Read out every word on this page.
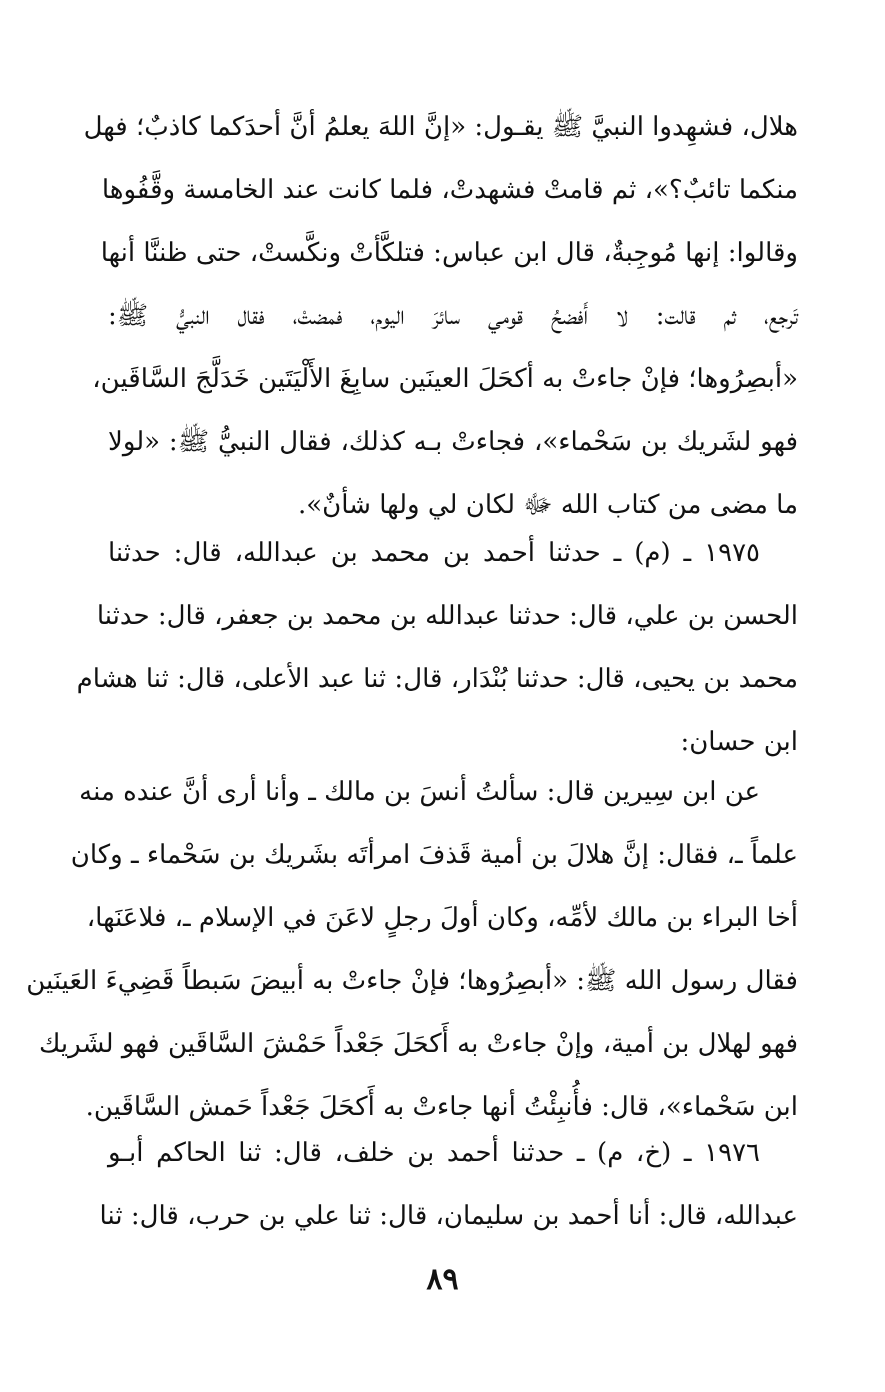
هلال، فشهِدوا النبيَّ ﷺ يقـول: «إنَّ اللهَ يعلمُ أنَّ أحدَكما كاذبٌ؛ فهل
منكما تائبٌ؟»، ثم قامتْ فشهدتْ، فلما كانت عند الخامسة وقَّفُوها
وقالوا: إنها مُوجِبةٌ، قال ابن عباس: فتلكَّأتْ ونكَّستْ، حتى ظننَّا أنها
تَرجع، ثم قالت: لا أَفضحُ قومي سائرَ اليوم، فمضتْ، فقال النبيُّ ﷺ:
«أبصِرُوها؛ فإنْ جاءتْ به أكحَلَ العينَين سابِغَ الأَلْيَتَين خَدَلَّجَ السَّاقَين،
فهو لشَريك بن سَحْماء»، فجاءتْ بـه كذلك، فقال النبيُّ ﷺ: «لولا
ما مضى من كتاب الله ﷻ لكان لي ولها شأنٌ».
١٩٧٥ ـ (م) ـ حدثنا أحمد بن محمد بن عبدالله، قال: حدثنا
الحسن بن علي، قال: حدثنا عبدالله بن محمد بن جعفر، قال: حدثنا
محمد بن يحيى، قال: حدثنا بُنْدَار، قال: ثنا عبد الأعلى، قال: ثنا هشام
ابن حسان:
عن ابن سِيرين قال: سألتُ أنسَ بن مالك ـ وأنا أرى أنَّ عنده منه
علماً ـ، فقال: إنَّ هلالَ بن أمية قَذفَ امرأتَه بشَريك بن سَحْماء ـ وكان
أخا البراء بن مالك لأمِّه، وكان أولَ رجلٍ لاعَنَ في الإسلام ـ، فلاعَنَها،
فقال رسول الله ﷺ: «أبصِرُوها؛ فإنْ جاءتْ به أبيضَ سَبطاً قَضِيءَ العَينَين
فهو لهلال بن أمية، وإنْ جاءتْ به أَكحَلَ جَعْداً حَمْشَ السَّاقَين فهو لشَريك
ابن سَحْماء»، قال: فأُنبِئْتُ أنها جاءتْ به أَكحَلَ جَعْداً حَمش السَّاقَين.
١٩٧٦ ـ (خ، م) ـ حدثنا أحمد بن خلف، قال: ثنا الحاكم أبـو
عبدالله، قال: أنا أحمد بن سليمان، قال: ثنا علي بن حرب، قال: ثنا
٨٩
